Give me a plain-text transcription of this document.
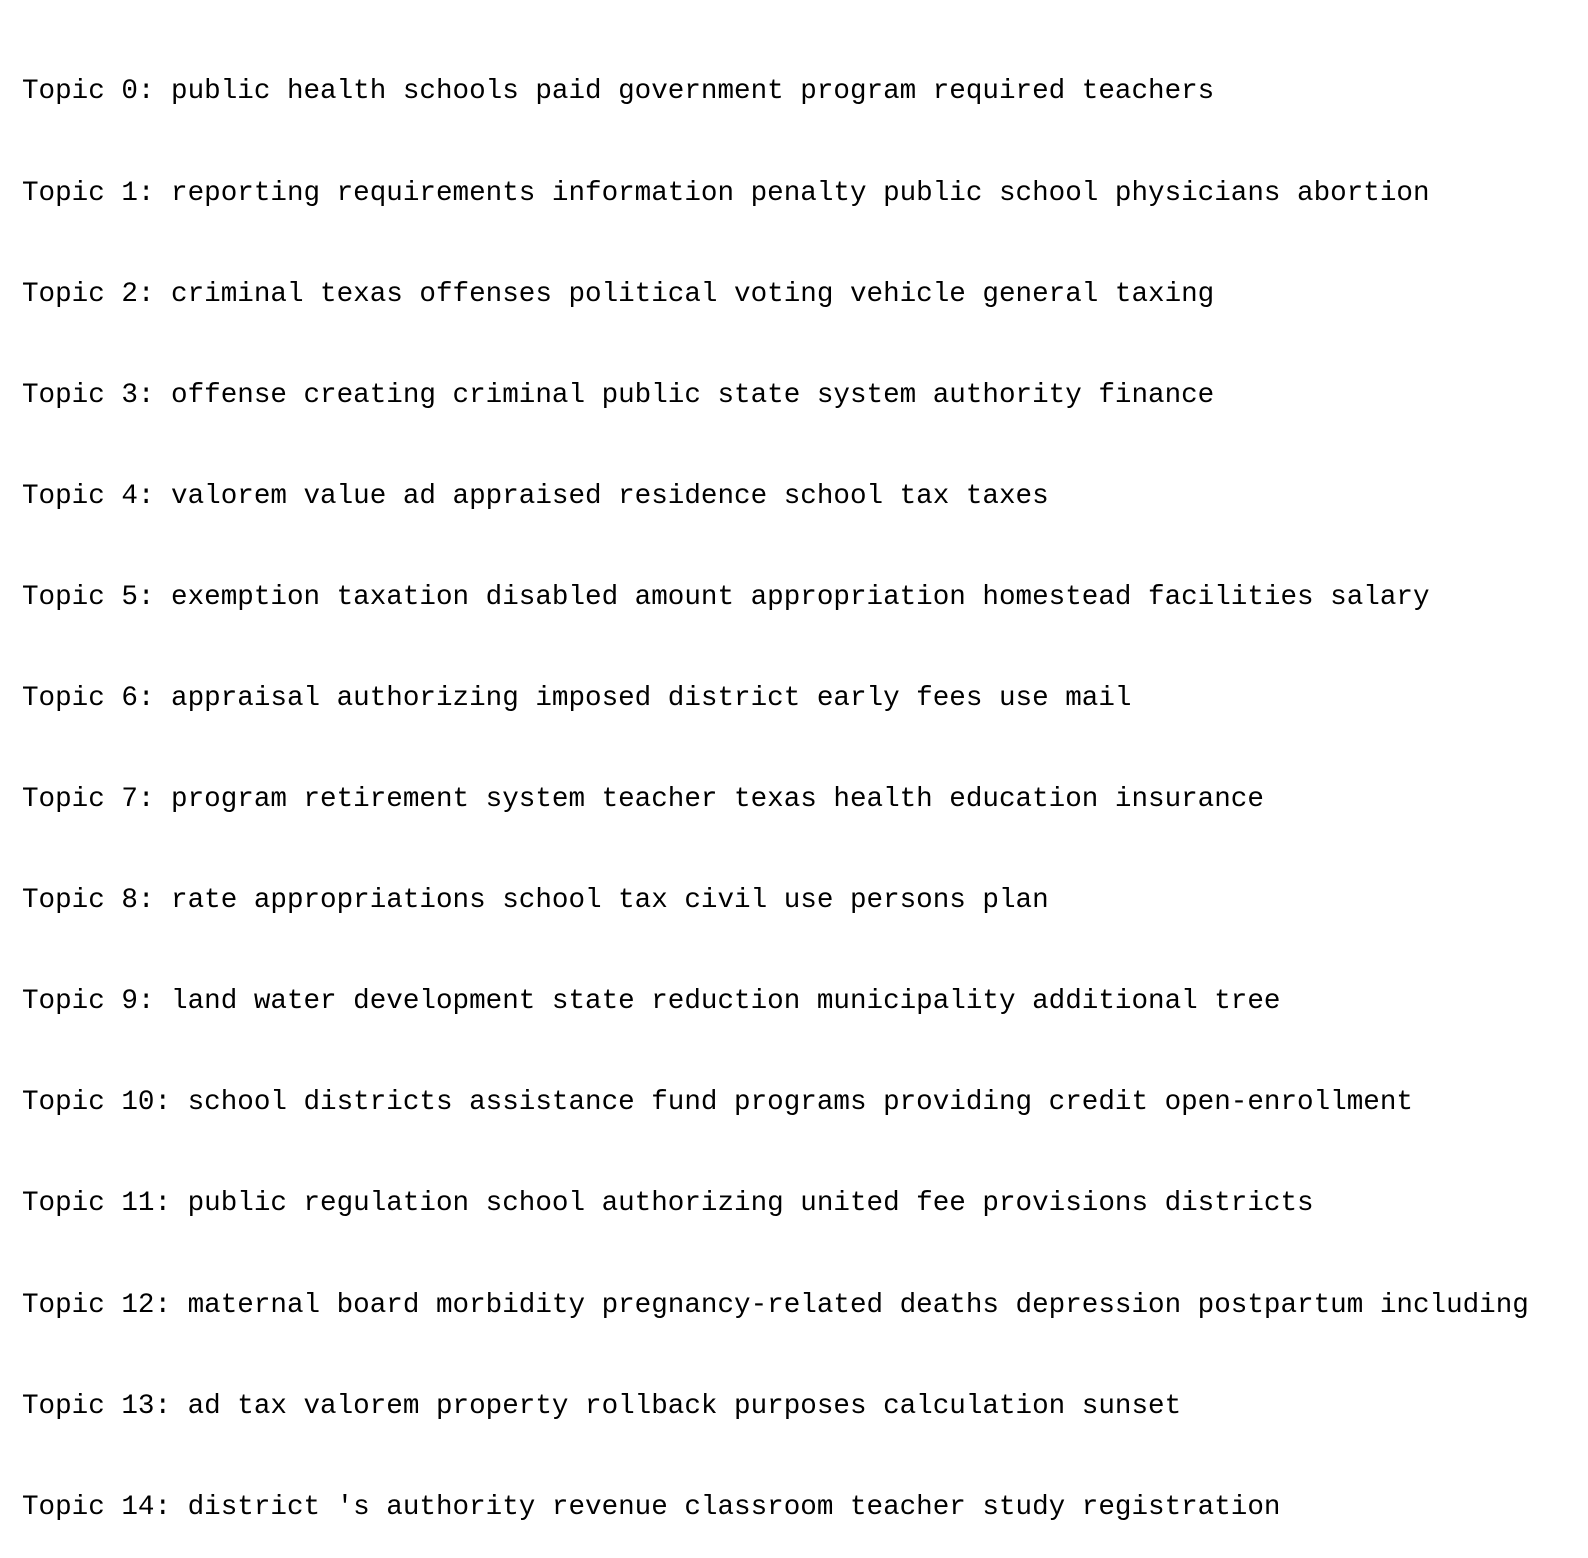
Topic 0: public health schools paid government program required teachers

Topic 1: reporting requirements information penalty public school physicians abortion

Topic 2: criminal texas offenses political voting vehicle general taxing

Topic 3: offense creating criminal public state system authority finance

Topic 4: valorem value ad appraised residence school tax taxes

Topic 5: exemption taxation disabled amount appropriation homestead facilities salary

Topic 6: appraisal authorizing imposed district early fees use mail

Topic 7: program retirement system teacher texas health education insurance

Topic 8: rate appropriations school tax civil use persons plan

Topic 9: land water development state reduction municipality additional tree

Topic 10: school districts assistance fund programs providing credit open-enrollment

Topic 11: public regulation school authorizing united fee provisions districts

Topic 12: maternal board morbidity pregnancy-related deaths depression postpartum including

Topic 13: ad tax valorem property rollback purposes calculation sunset

Topic 14: district 's authority revenue classroom teacher study registration
